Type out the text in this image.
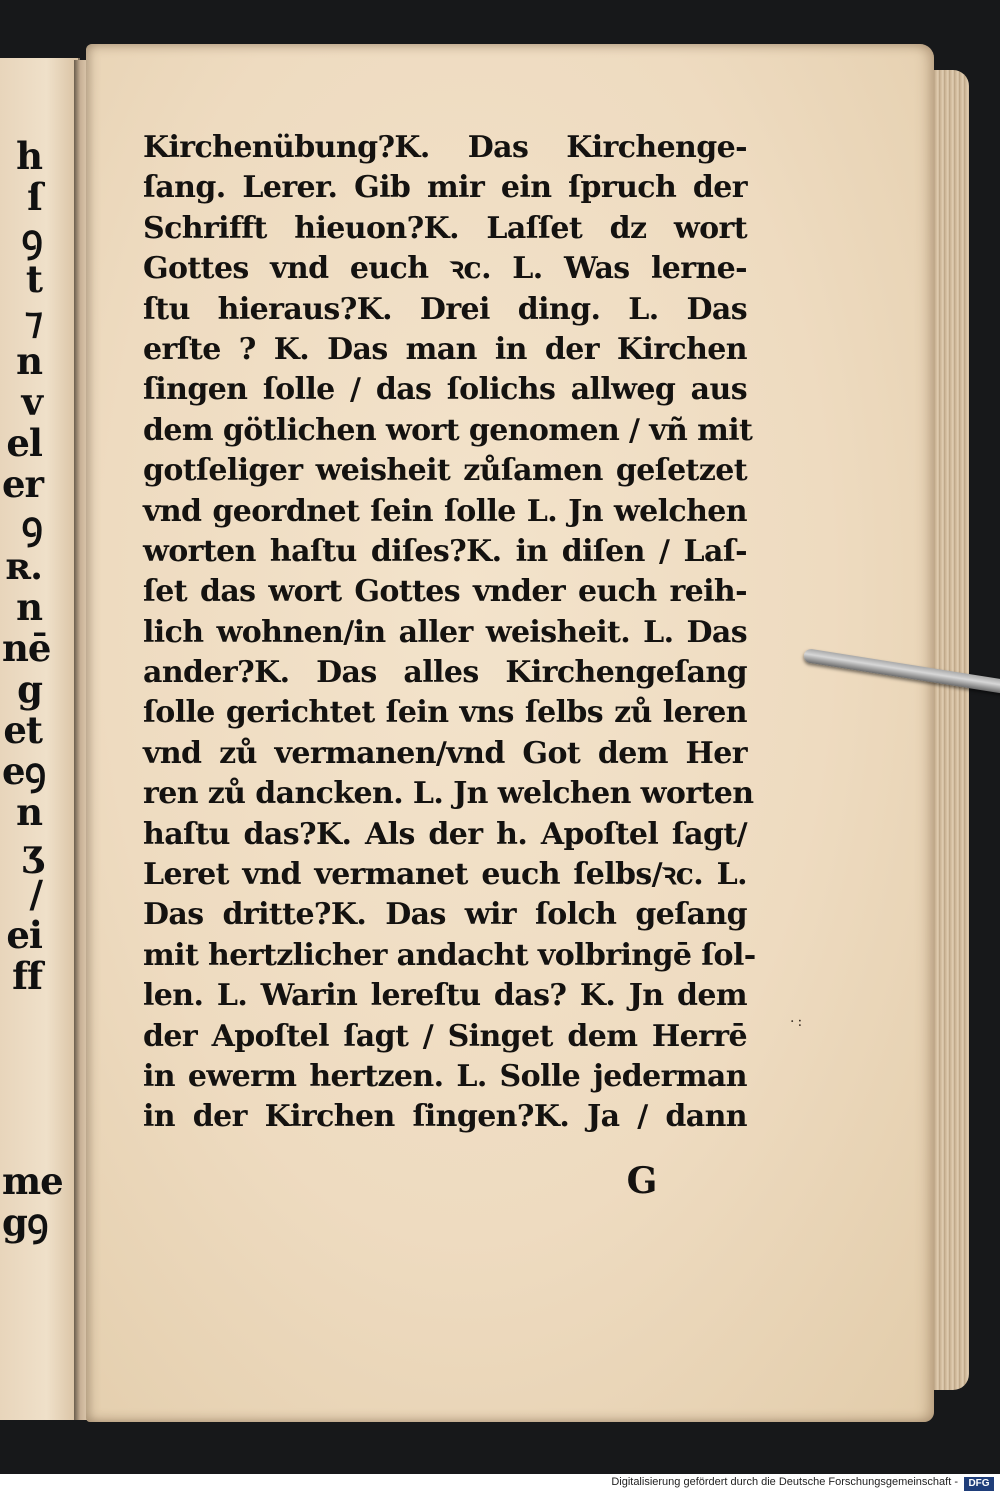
h
ſ
ꝯ
t
⁊
n
v
el
er
ꝯ
ʀ.
n
nē
g
et
eꝯ
n
ʒ
/
ei
ff
me
gꝯ
Kirchenübung?K. Das Kirchenge-
ſang. Lerer. Gib mir ein ſpruch der
Schrifft hieuon?K. Laſſet dz wort
Gottes vnd euch ꝛc. L. Was lerne-
ſtu hieraus?K. Drei ding. L. Das
erſte ? K. Das man in der Kirchen
ſingen ſolle / das ſolichs allweg aus
dem götlichen wort genomen / vñ mit
gotſeliger weisheit zůſamen geſetzet
vnd geordnet ſein ſolle L. Jn welchen
worten haſtu diſes?K. in diſen / Laſ-
ſet das wort Gottes vnder euch reih-
lich wohnen/in aller weisheit. L. Das
ander?K. Das alles Kirchengeſang
ſolle gerichtet ſein vns ſelbs zů leren
vnd zů vermanen/vnd Got dem Her
ren zů dancken. L. Jn welchen worten
haſtu das?K. Als der h. Apoſtel ſagt/
Leret vnd vermanet euch ſelbs/ꝛc. L.
Das dritte?K. Das wir ſolch geſang
mit hertzlicher andacht volbringē ſol-
len. L. Warin lereſtu das? K. Jn dem
der Apoſtel ſagt / Singet dem Herrē
in ewerm hertzen. L. Solle jederman
in der Kirchen ſingen?K. Ja / dann
G
·:
Digitalisierung gefördert durch die Deutsche Forschungsgemeinschaft -	DFG
